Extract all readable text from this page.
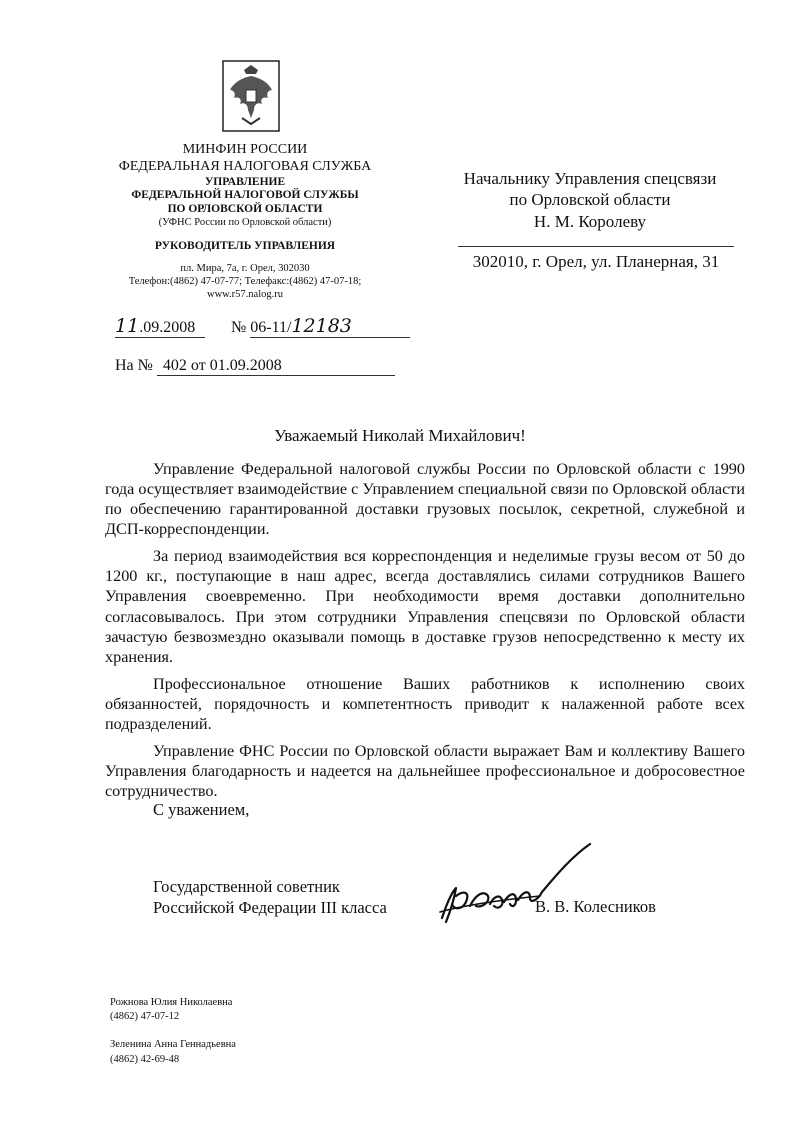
МИНФИН РОССИИ
ФЕДЕРАЛЬНАЯ НАЛОГОВАЯ СЛУЖБА
УПРАВЛЕНИЕ
ФЕДЕРАЛЬНОЙ НАЛОГОВОЙ СЛУЖБЫ
ПО ОРЛОВСКОЙ ОБЛАСТИ
(УФНС России по Орловской области)
РУКОВОДИТЕЛЬ УПРАВЛЕНИЯ
пл. Мира, 7а, г. Орел, 302030
Телефон:(4862) 47-07-77; Телефакс:(4862) 47-07-18;
www.r57.nalog.ru
11.09.2008 № 06-11/12183
На № 402 от 01.09.2008
Начальнику Управления спецсвязи
по Орловской области
Н. М. Королеву
302010, г. Орел, ул. Планерная, 31
Уважаемый Николай Михайлович!

Управление Федеральной налоговой службы России по Орловской области с 1990 года осуществляет взаимодействие с Управлением специальной связи по Орловской области по обеспечению гарантированной доставки грузовых посылок, секретной, служебной и ДСП-корреспонденции.

За период взаимодействия вся корреспонденция и неделимые грузы весом от 50 до 1200 кг., поступающие в наш адрес, всегда доставлялись силами сотрудников Вашего Управления своевременно. При необходимости время доставки дополнительно согласовывалось. При этом сотрудники Управления спецсвязи по Орловской области зачастую безвозмездно оказывали помощь в доставке грузов непосредственно к месту их хранения.

Профессиональное отношение Ваших работников к исполнению своих обязанностей, порядочность и компетентность приводит к налаженной работе всех подразделений.

Управление ФНС России по Орловской области выражает Вам и коллективу Вашего Управления благодарность и надеется на дальнейшее профессиональное и добросовестное сотрудничество.

С уважением,
Государственной советник
Российской Федерации III класса	В. В. Колесников
Рожнова Юлия Николаевна
(4862) 47-07-12
Зеленина Анна Геннадьевна
(4862) 42-69-48
